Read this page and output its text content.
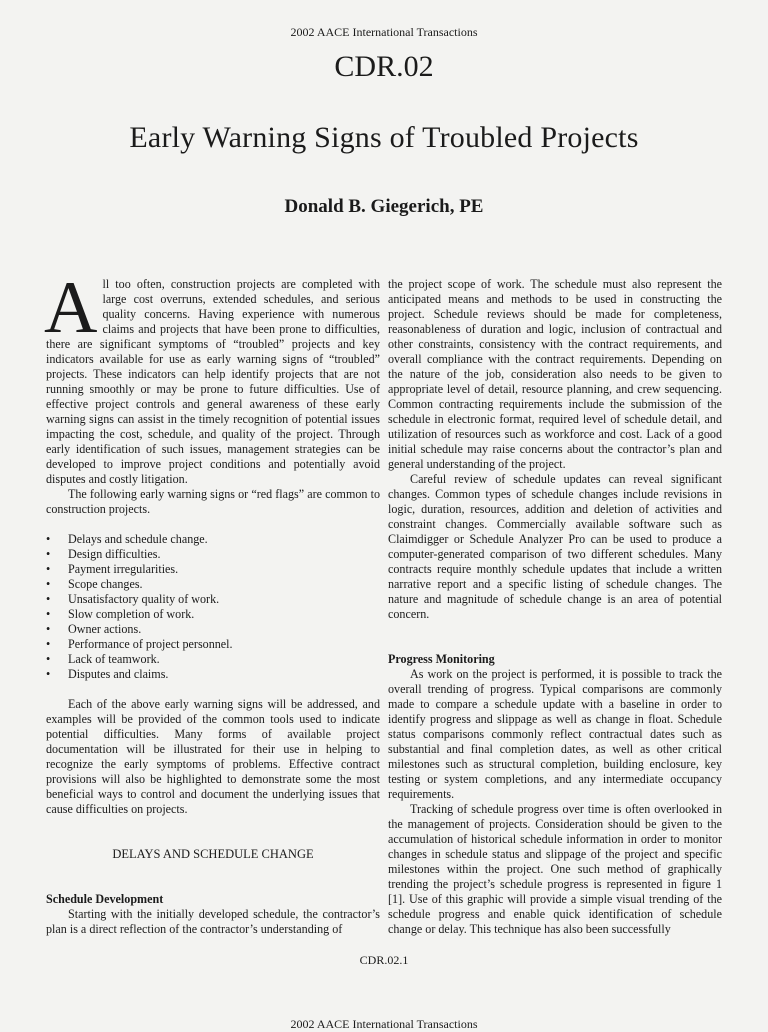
2002 AACE International Transactions
CDR.02
Early Warning Signs of Troubled Projects
Donald B. Giegerich, PE

All too often, construction projects are completed with large cost overruns, extended schedules, and serious quality concerns. Having experience with numerous claims and projects that have been prone to difficulties, there are significant symptoms of “troubled” projects and key indicators available for use as early warning signs of “troubled” projects. These indicators can help identify projects that are not running smoothly or may be prone to future difficulties. Use of effective project controls and general awareness of these early warning signs can assist in the timely recognition of potential issues impacting the cost, schedule, and quality of the project. Through early identification of such issues, management strategies can be developed to improve project conditions and potentially avoid disputes and costly litigation.

The following early warning signs or “red flags” are common to construction projects.

• Delays and schedule change.
• Design difficulties.
• Payment irregularities.
• Scope changes.
• Unsatisfactory quality of work.
• Slow completion of work.
• Owner actions.
• Performance of project personnel.
• Lack of teamwork.
• Disputes and claims.

Each of the above early warning signs will be addressed, and examples will be provided of the common tools used to indicate potential difficulties. Many forms of available project documentation will be illustrated for their use in helping to recognize the early symptoms of problems. Effective contract provisions will also be highlighted to demonstrate some the most beneficial ways to control and document the underlying issues that cause difficulties on projects.

DELAYS AND SCHEDULE CHANGE

Schedule Development

Starting with the initially developed schedule, the contractor’s plan is a direct reflection of the contractor’s understanding of

the project scope of work. The schedule must also represent the anticipated means and methods to be used in constructing the project. Schedule reviews should be made for completeness, reasonableness of duration and logic, inclusion of contractual and other constraints, consistency with the contract requirements, and overall compliance with the contract requirements. Depending on the nature of the job, consideration also needs to be given to appropriate level of detail, resource planning, and crew sequencing. Common contracting requirements include the submission of the schedule in electronic format, required level of schedule detail, and utilization of resources such as workforce and cost. Lack of a good initial schedule may raise concerns about the contractor’s plan and general understanding of the project.

Careful review of schedule updates can reveal significant changes. Common types of schedule changes include revisions in logic, duration, resources, addition and deletion of activities and constraint changes. Commercially available software such as Claimdigger or Schedule Analyzer Pro can be used to produce a computer-generated comparison of two different schedules. Many contracts require monthly schedule updates that include a written narrative report and a specific listing of schedule changes. The nature and magnitude of schedule change is an area of potential concern.

Progress Monitoring

As work on the project is performed, it is possible to track the overall trending of progress. Typical comparisons are commonly made to compare a schedule update with a baseline in order to identify progress and slippage as well as change in float. Schedule status comparisons commonly reflect contractual dates such as substantial and final completion dates, as well as other critical milestones such as structural completion, building enclosure, key testing or system completions, and any intermediate occupancy requirements.

Tracking of schedule progress over time is often overlooked in the management of projects. Consideration should be given to the accumulation of historical schedule information in order to monitor changes in schedule status and slippage of the project and specific milestones within the project. One such method of graphically trending the project’s schedule progress is represented in figure 1 [1]. Use of this graphic will provide a simple visual trending of the schedule progress and enable quick identification of schedule change or delay. This technique has also been successfully

CDR.02.1
2002 AACE International Transactions
